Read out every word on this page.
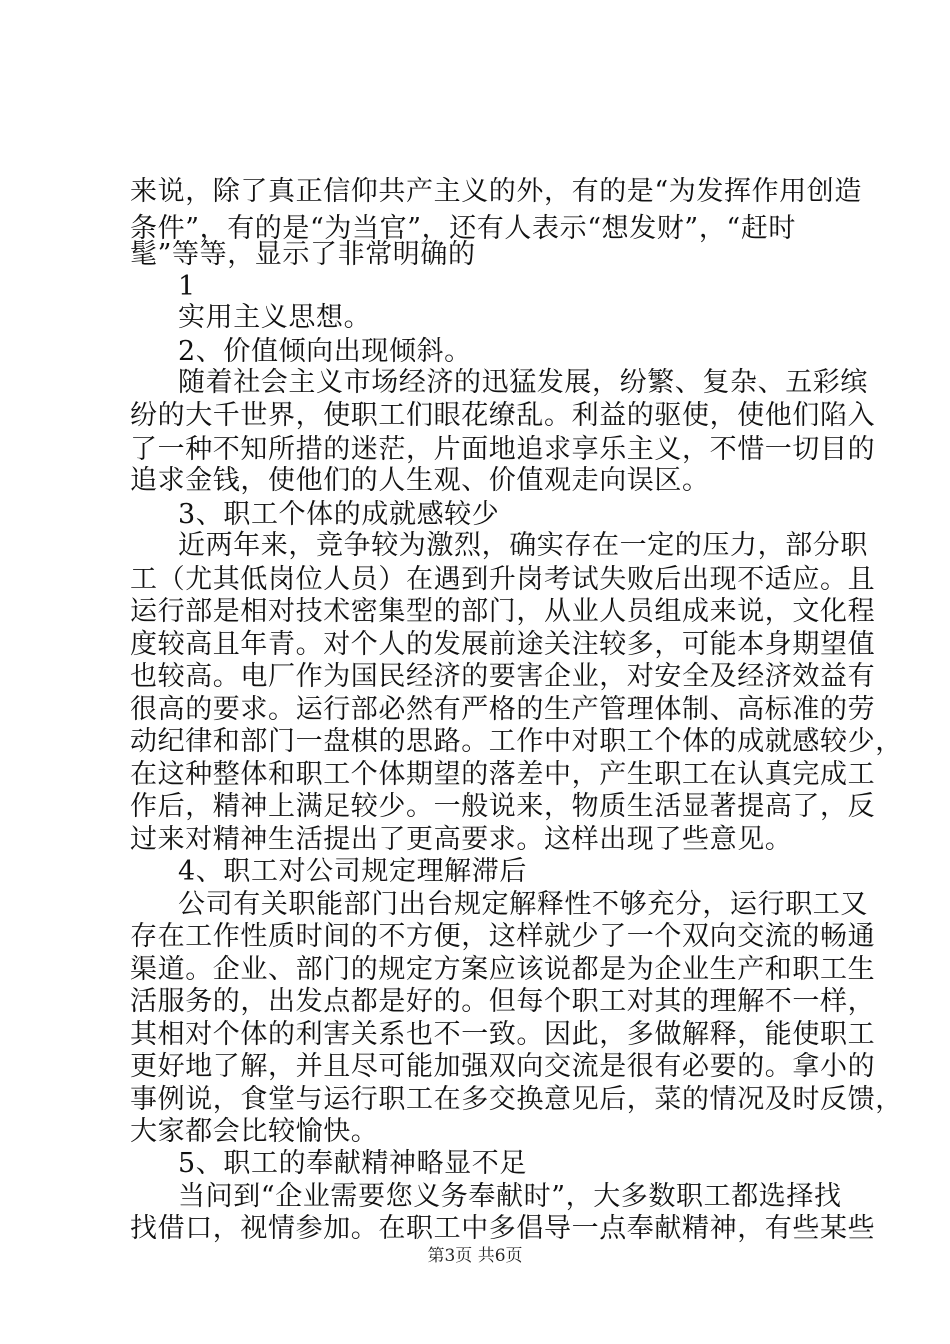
来说，除了真正信仰共产主义的外，有的是“为发挥作用创造
条件”，有的是“为当官”，还有人表示“想发财”，“赶时
髦”等等，显示了非常明确的
1
实用主义思想。
2、价值倾向出现倾斜。
随着社会主义市场经济的迅猛发展，纷繁、复杂、五彩缤
纷的大千世界，使职工们眼花缭乱。利益的驱使，使他们陷入
了一种不知所措的迷茫，片面地追求享乐主义，不惜一切目的
追求金钱，使他们的人生观、价值观走向误区。
3、职工个体的成就感较少
近两年来，竞争较为激烈，确实存在一定的压力，部分职
工（尤其低岗位人员）在遇到升岗考试失败后出现不适应。且
运行部是相对技术密集型的部门，从业人员组成来说，文化程
度较高且年青。对个人的发展前途关注较多，可能本身期望值
也较高。电厂作为国民经济的要害企业，对安全及经济效益有
很高的要求。运行部必然有严格的生产管理体制、高标准的劳
动纪律和部门一盘棋的思路。工作中对职工个体的成就感较少，
在这种整体和职工个体期望的落差中，产生职工在认真完成工
作后，精神上满足较少。一般说来，物质生活显著提高了，反
过来对精神生活提出了更高要求。这样出现了些意见。
4、职工对公司规定理解滞后
公司有关职能部门出台规定解释性不够充分，运行职工又
存在工作性质时间的不方便，这样就少了一个双向交流的畅通
渠道。企业、部门的规定方案应该说都是为企业生产和职工生
活服务的，出发点都是好的。但每个职工对其的理解不一样，
其相对个体的利害关系也不一致。因此，多做解释，能使职工
更好地了解，并且尽可能加强双向交流是很有必要的。拿小的
事例说，食堂与运行职工在多交换意见后，菜的情况及时反馈，
大家都会比较愉快。
5、职工的奉献精神略显不足
当问到“企业需要您义务奉献时”，大多数职工都选择找
找借口，视情参加。在职工中多倡导一点奉献精神，有些某些
第3页 共6页
